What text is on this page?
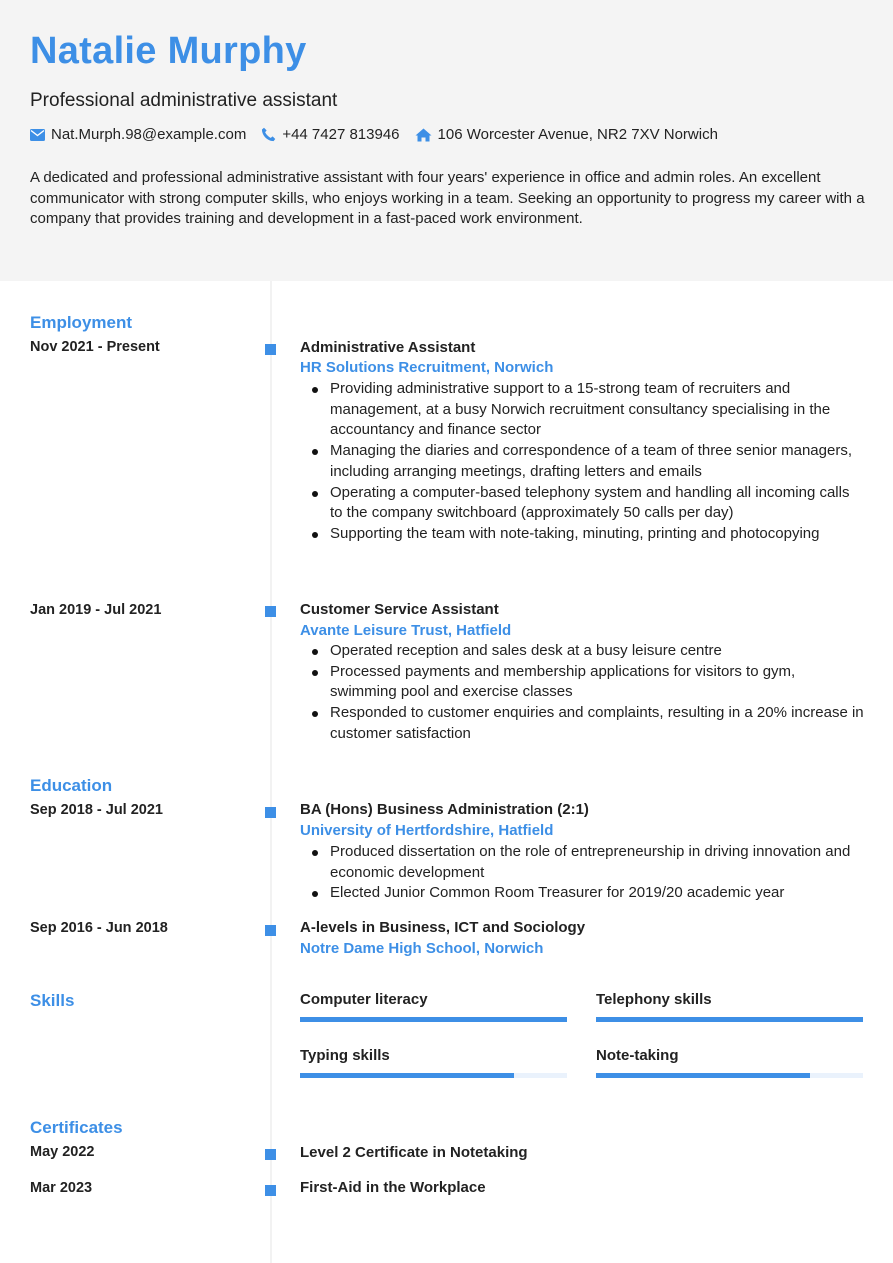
Natalie Murphy
Professional administrative assistant
Nat.Murph.98@example.com +44 7427 813946	106 Worcester Avenue, NR2 7XV Norwich
A dedicated and professional administrative assistant with four years' experience in office and admin roles. An excellent communicator with strong computer skills, who enjoys working in a team. Seeking an opportunity to progress my career with a company that provides training and development in a fast-paced work environment.
Employment
Nov 2021 - Present	Administrative Assistant
HR Solutions Recruitment, Norwich
Providing administrative support to a 15-strong team of recruiters and management, at a busy Norwich recruitment consultancy specialising in the accountancy and finance sector
Managing the diaries and correspondence of a team of three senior managers, including arranging meetings, drafting letters and emails
Operating a computer-based telephony system and handling all incoming calls to the company switchboard (approximately 50 calls per day)
Supporting the team with note-taking, minuting, printing and photocopying
Jan 2019 - Jul 2021	Customer Service Assistant
Avante Leisure Trust, Hatfield
Operated reception and sales desk at a busy leisure centre
Processed payments and membership applications for visitors to gym, swimming pool and exercise classes
Responded to customer enquiries and complaints, resulting in a 20% increase in customer satisfaction
Education
Sep 2018 - Jul 2021	BA (Hons) Business Administration (2:1)
University of Hertfordshire, Hatfield
Produced dissertation on the role of entrepreneurship in driving innovation and economic development
Elected Junior Common Room Treasurer for 2019/20 academic year
Sep 2016 - Jun 2018	A-levels in Business, ICT and Sociology
Notre Dame High School, Norwich
Skills	Computer literacy	Telephony skills
Typing skills	Note-taking
Certificates
May 2022	Level 2 Certificate in Notetaking
Mar 2023	First-Aid in the Workplace
